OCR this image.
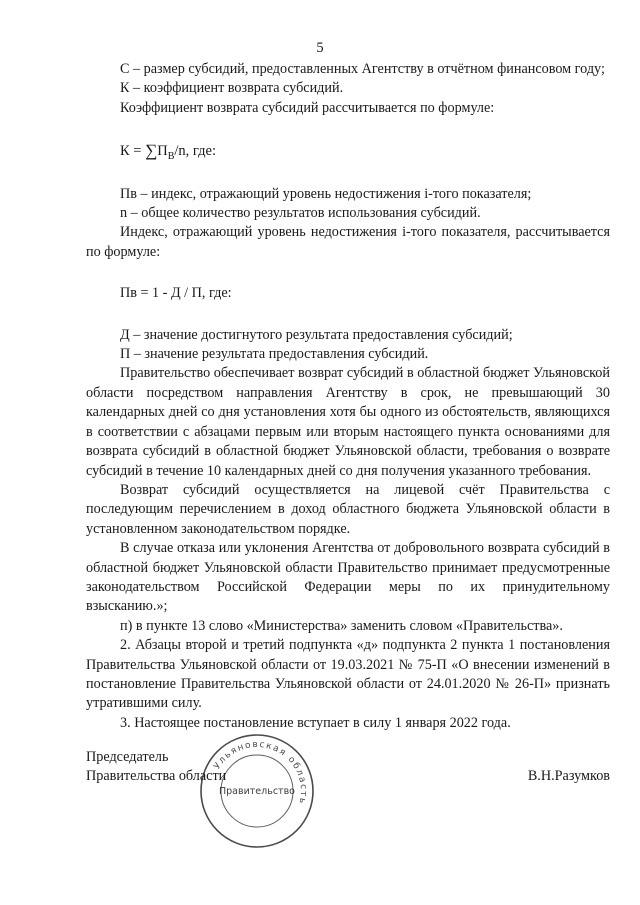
5

С – размер субсидий, предоставленных Агентству в отчётном финансовом году;

К – коэффициент возврата субсидий.

Коэффициент возврата субсидий рассчитывается по формуле:

$К = \sum П_В/n$, где:

Пв – индекс, отражающий уровень недостижения i-того показателя;

n – общее количество результатов использования субсидий.

Индекс, отражающий уровень недостижения i-того показателя, рассчитывается по формуле:

Пв = 1 - Д / П, где:

Д – значение достигнутого результата предоставления субсидий;

П – значение результата предоставления субсидий.

Правительство обеспечивает возврат субсидий в областной бюджет Ульяновской области посредством направления Агентству в срок, не превышающий 30 календарных дней со дня установления хотя бы одного из обстоятельств, являющихся в соответствии с абзацами первым или вторым настоящего пункта основаниями для возврата субсидий в областной бюджет Ульяновской области, требования о возврате субсидий в течение 10 календарных дней со дня получения указанного требования.

Возврат субсидий осуществляется на лицевой счёт Правительства с последующим перечислением в доход областного бюджета Ульяновской области в установленном законодательством порядке.

В случае отказа или уклонения Агентства от добровольного возврата субсидий в областной бюджет Ульяновской области Правительство принимает предусмотренные законодательством Российской Федерации меры по их принудительному взысканию.»;

п) в пункте 13 слово «Министерства» заменить словом «Правительства».

2. Абзацы второй и третий подпункта «д» подпункта 2 пункта 1 постановления Правительства Ульяновской области от 19.03.2021 № 75-П «О внесении изменений в постановление Правительства Ульяновской области от 24.01.2020 № 26-П» признать утратившими силу.

3. Настоящее постановление вступает в силу 1 января 2022 года.

Председатель

Правительства области	В.Н.Разумков
Ульяновская область
Правительство
